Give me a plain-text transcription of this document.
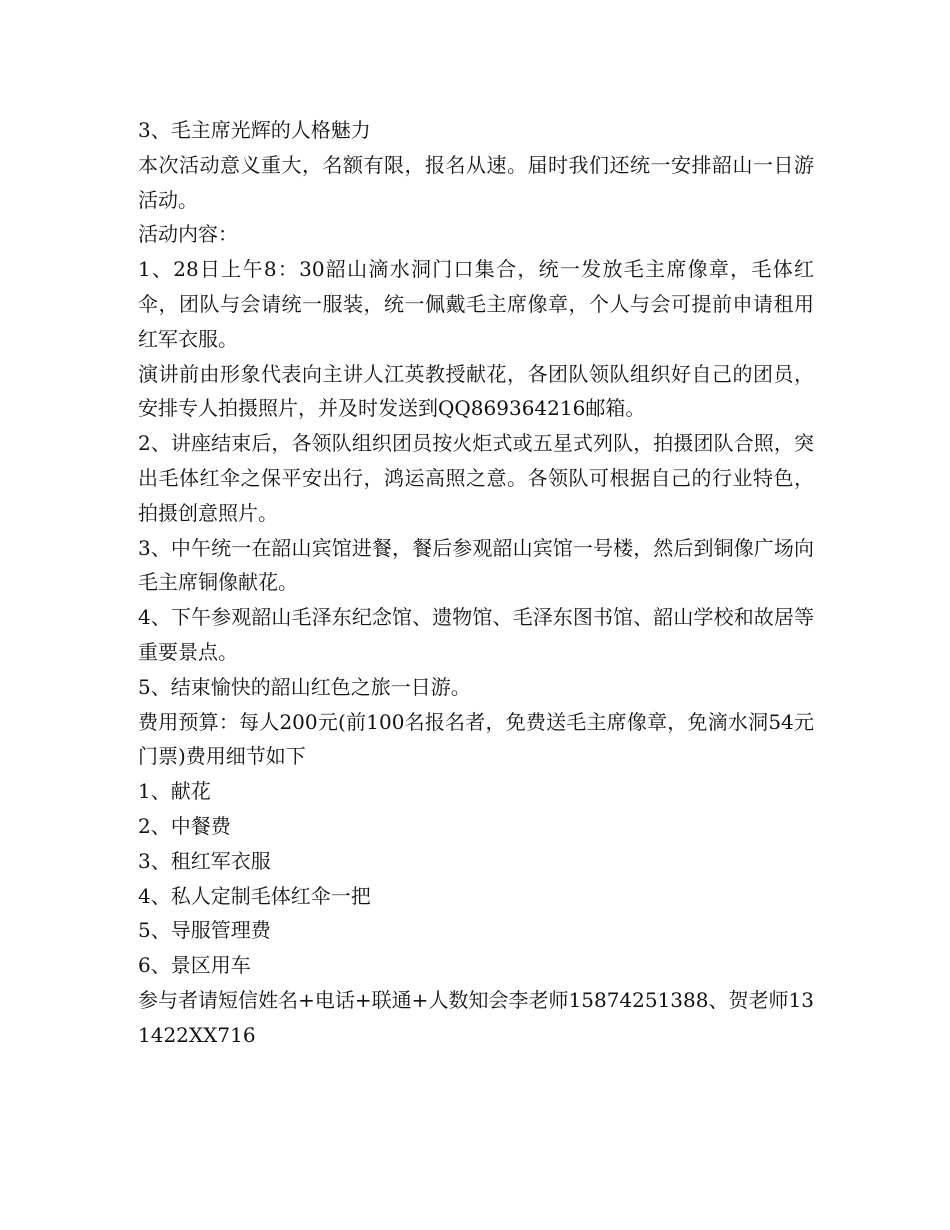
3、毛主席光辉的人格魅力

本次活动意义重大，名额有限，报名从速。届时我们还统一安排韶山一日游活动。

活动内容：

1、28日上午8：30韶山滴水洞门口集合，统一发放毛主席像章，毛体红伞，团队与会请统一服装，统一佩戴毛主席像章，个人与会可提前申请租用红军衣服。

演讲前由形象代表向主讲人江英教授献花，各团队领队组织好自己的团员，安排专人拍摄照片，并及时发送到QQ869364216邮箱。

2、讲座结束后，各领队组织团员按火炬式或五星式列队，拍摄团队合照，突出毛体红伞之保平安出行，鸿运高照之意。各领队可根据自己的行业特色，拍摄创意照片。

3、中午统一在韶山宾馆进餐，餐后参观韶山宾馆一号楼，然后到铜像广场向毛主席铜像献花。

4、下午参观韶山毛泽东纪念馆、遗物馆、毛泽东图书馆、韶山学校和故居等重要景点。

5、结束愉快的韶山红色之旅一日游。

费用预算：每人200元(前100名报名者，免费送毛主席像章，免滴水洞54元门票)费用细节如下

1、献花

2、中餐费

3、租红军衣服

4、私人定制毛体红伞一把

5、导服管理费

6、景区用车

参与者请短信姓名+电话+联通+人数知会李老师15874251388、贺老师131422XX716
